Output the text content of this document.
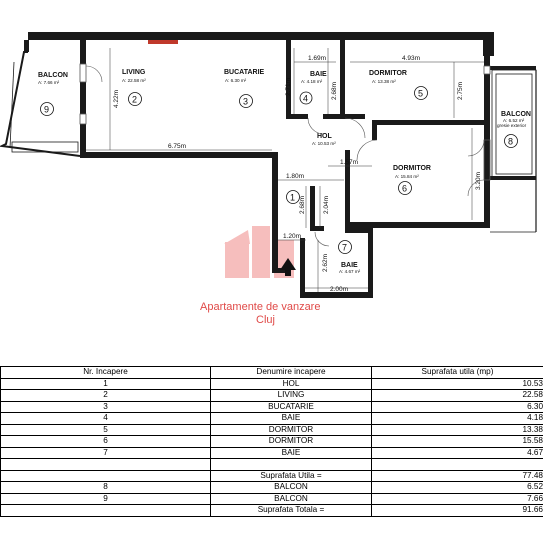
BALCON
A: 7.66 m²
9
LIVING
A: 22.58 m²
2
BUCATARIE
A: 6.30 m²
3
BAIE
A: 4.18 m²
4
DORMITOR
A: 13.38 m²
5
BALCON
A: 6.52 m²
gresie exterior
8
HOL
A: 10.53 m²
1
DORMITOR
A: 15.84 m²
6
7
BAIE
A: 4.67 m²
4.22m
2.71m
1.69m
2.68m
4.93m
2.75m
6.75m
1.80m
1.57m
3.20m
2.68m	2.04m
1.20m
2.62m
2.00m
Apartamente de vanzare
Cluj
Nr. Incapere	Denumire incapere	Suprafata utila (mp)
1	HOL	10.53
2	LIVING	22.58
3	BUCATARIE	6.30
4	BAIE	4.18
5	DORMITOR	13.38
6	DORMITOR	15.58
7	BAIE	4.67

	Suprafata Utila =	77.48
8	BALCON	6.52
9	BALCON	7.66
	Suprafata Totala =	91.66
